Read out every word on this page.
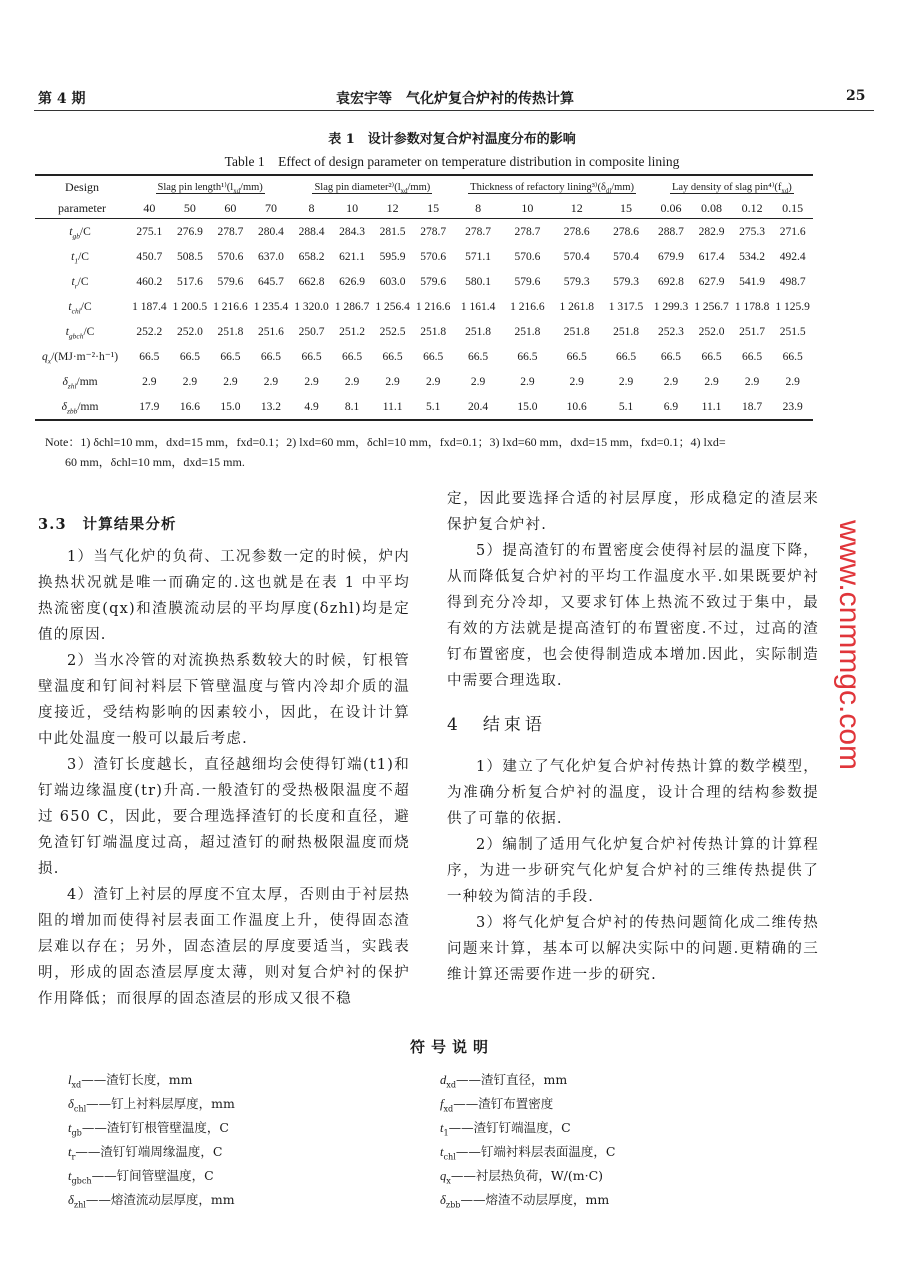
第 4 期	袁宏宇等　气化炉复合炉衬的传热计算	25
表 1　设计参数对复合炉衬温度分布的影响
Table 1　Effect of design parameter on temperature distribution in composite lining
Design	Slag pin $length^{1)}(l_{xd}/mm)$				Slag pin $diameter^{2)}(l_{xd}/mm)$				Thickness of refactory $lining^{3)}(\delta_{dl}/mm)$				Lay density of slag $pin^{4)}(f_{xd})$			
parameter	40	50	60	70	8	10	12	15	8	10	12	15	0.06	0.08	0.12	0.15
$t_{gb}/C$	275.1	276.9	278.7	280.4	288.4	284.3	281.5	278.7	278.7	278.7	278.6	278.6	288.7	282.9	275.3	271.6
$t_1/C$	450.7	508.5	570.6	637.0	658.2	621.1	595.9	570.6	571.1	570.6	570.4	570.4	679.9	617.4	534.2	492.4
$t_r/C$	460.2	517.6	579.6	645.7	662.8	626.9	603.0	579.6	580.1	579.6	579.3	579.3	692.8	627.9	541.9	498.7
$t_{chl}/C$	1 187.4	1 200.5	1 216.6	1 235.4	1 320.0	1 286.7	1 256.4	1 216.6	1 161.4	1 216.6	1 261.8	1 317.5	1 299.3	1 256.7	1 178.8	1 125.9
$t_{gbch}/C$	252.2	252.0	251.8	251.6	250.7	251.2	252.5	251.8	251.8	251.8	251.8	251.8	252.3	252.0	251.7	251.5
$q_x/(MJ\cdot m^{-2}\cdot h^{-1})$	66.5	66.5	66.5	66.5	66.5	66.5	66.5	66.5	66.5	66.5	66.5	66.5	66.5	66.5	66.5	66.5
$\delta_{zhl}/mm$	2.9	2.9	2.9	2.9	2.9	2.9	2.9	2.9	2.9	2.9	2.9	2.9	2.9	2.9	2.9	2.9
$\delta_{zbb}/mm$	17.9	16.6	15.0	13.2	4.9	8.1	11.1	5.1	20.4	15.0	10.6	5.1	6.9	11.1	18.7	23.9
Note：1) δchl=10 mm，dxd=15 mm，fxd=0.1；2) lxd=60 mm，δchl=10 mm，fxd=0.1；3) lxd=60 mm，dxd=15 mm，fxd=0.1；4) lxd=
60 mm，δchl=10 mm，dxd=15 mm.
3.3　计算结果分析

1）当气化炉的负荷、工况参数一定的时候，炉内换热状况就是唯一而确定的.这也就是在表 1 中平均热流密度(qx)和渣膜流动层的平均厚度(δzhl)均是定值的原因.

2）当水冷管的对流换热系数较大的时候，钉根管壁温度和钉间衬料层下管壁温度与管内冷却介质的温度接近，受结构影响的因素较小，因此，在设计计算中此处温度一般可以最后考虑.

3）渣钉长度越长，直径越细均会使得钉端(t1)和钉端边缘温度(tr)升高.一般渣钉的受热极限温度不超过 650 C，因此，要合理选择渣钉的长度和直径，避免渣钉钉端温度过高，超过渣钉的耐热极限温度而烧损.

4）渣钉上衬层的厚度不宜太厚，否则由于衬层热阻的增加而使得衬层表面工作温度上升，使得固态渣层难以存在；另外，固态渣层的厚度要适当，实践表明，形成的固态渣层厚度太薄，则对复合炉衬的保护作用降低；而很厚的固态渣层的形成又很不稳

定，因此要选择合适的衬层厚度，形成稳定的渣层来保护复合炉衬.

5）提高渣钉的布置密度会使得衬层的温度下降，从而降低复合炉衬的平均工作温度水平.如果既要炉衬得到充分冷却，又要求钉体上热流不致过于集中，最有效的方法就是提高渣钉的布置密度.不过，过高的渣钉布置密度，也会使得制造成本增加.因此，实际制造中需要合理选取.

4　结束语

1）建立了气化炉复合炉衬传热计算的数学模型，为准确分析复合炉衬的温度，设计合理的结构参数提供了可靠的依据.

2）编制了适用气化炉复合炉衬传热计算的计算程序，为进一步研究气化炉复合炉衬的三维传热提供了一种较为简洁的手段.

3）将气化炉复合炉衬的传热问题简化成二维传热问题来计算，基本可以解决实际中的问题.更精确的三维计算还需要作进一步的研究.

符号说明
$l_{xd}——$渣钉长度，mm
$\delta_{chl}——$钉上衬料层厚度，mm
$t_{gb}——$渣钉钉根管壁温度，C
$t_r——$渣钉钉端周缘温度，C
$t_{gbch}——$钉间管壁温度，C
$\delta_{zhl}——$熔渣流动层厚度，mm
$d_{xd}——$渣钉直径，mm
$f_{xd}——$渣钉布置密度
$t_1——$渣钉钉端温度，C
$t_{chl}——$钉端衬料层表面温度，C
$q_x——$衬层热负荷，W/(m·C)
$\delta_{zbb}——$熔渣不动层厚度，mm
www.cnmmgc.com
